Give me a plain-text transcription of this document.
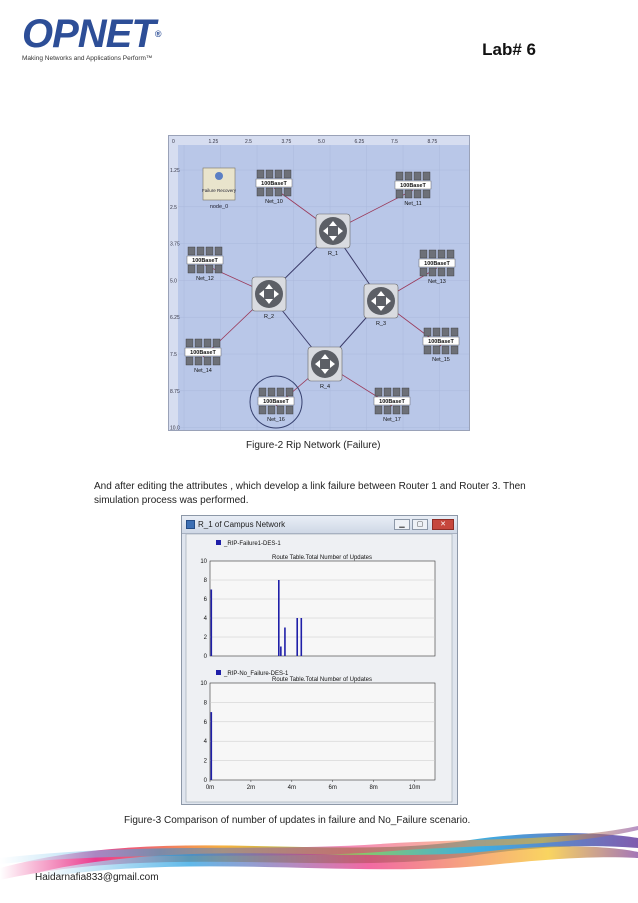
OPNET®
Making Networks and Applications Perform™	Lab# 6
0	1.25	2.5	3.75	5.0	6.25	7.5	8.75
1.25
2.5
3.75
5.0
6.25
7.5
8.75
10.0
Failure Recovery
node_0
100BaseT
Net_10
100BaseT
Net_11
100BaseT
Net_12
100BaseT
Net_13
100BaseT
Net_14
100BaseT
Net_15
100BaseT
Net_16
100BaseT
Net_17
R_1
R_2
R_3
R_4
Figure-2 Rip Network (Failure)
And after editing the attributes , which develop a link failure between Router 1 and Router 3. Then simulation process was performed.
R_1 of Campus Network	▁	▢	✕
_RIP-Failure1-DES-1
Route Table.Total Number of Updates
0
2
4
6
8
10
_RIP-No_Failure-DES-1
Route Table.Total Number of Updates
0
2
4
6
8
10
0m	2m	4m	6m	8m	10m
Figure-3 Comparison of number of updates in failure and No_Failure scenario.
Haidarnafia833@gmail.com
